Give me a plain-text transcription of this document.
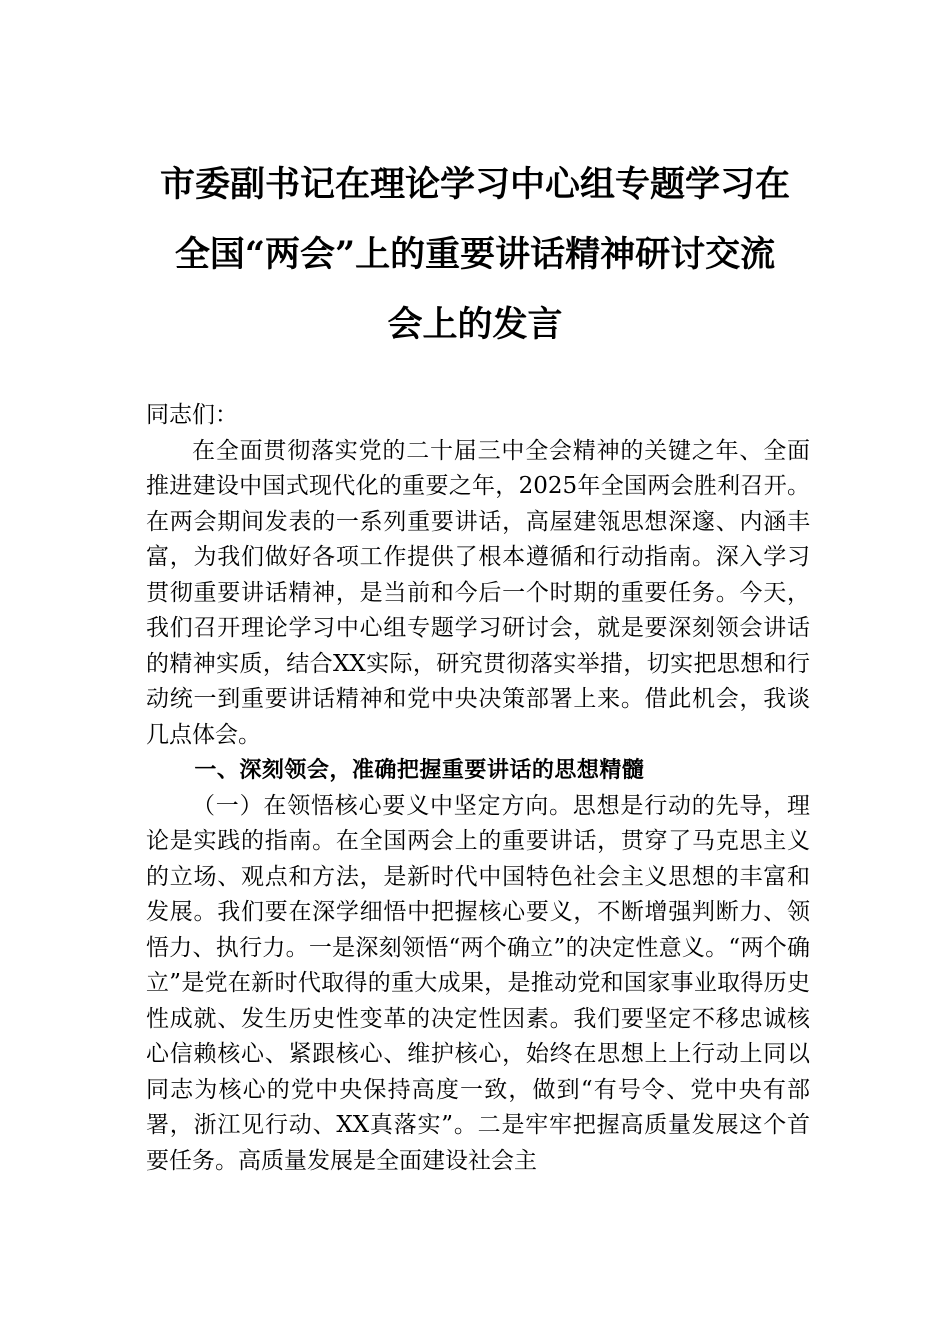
市委副书记在理论学习中心组专题学习在
全国“两会”上的重要讲话精神研讨交流
会上的发言

同志们：

在全面贯彻落实党的二十届三中全会精神的关键之年、全面推进建设中国式现代化的重要之年，2025年全国两会胜利召开。在两会期间发表的一系列重要讲话，高屋建瓴思想深邃、内涵丰富，为我们做好各项工作提供了根本遵循和行动指南。深入学习贯彻重要讲话精神，是当前和今后一个时期的重要任务。今天，我们召开理论学习中心组专题学习研讨会，就是要深刻领会讲话的精神实质，结合XX实际，研究贯彻落实举措，切实把思想和行动统一到重要讲话精神和党中央决策部署上来。借此机会，我谈几点体会。

一、深刻领会，准确把握重要讲话的思想精髓

（一）在领悟核心要义中坚定方向。思想是行动的先导，理论是实践的指南。在全国两会上的重要讲话，贯穿了马克思主义的立场、观点和方法，是新时代中国特色社会主义思想的丰富和发展。我们要在深学细悟中把握核心要义，不断增强判断力、领悟力、执行力。一是深刻领悟“两个确立”的决定性意义。“两个确立”是党在新时代取得的重大成果，是推动党和国家事业取得历史性成就、发生历史性变革的决定性因素。我们要坚定不移忠诚核心信赖核心、紧跟核心、维护核心，始终在思想上上行动上同以同志为核心的党中央保持高度一致，做到“有号令、党中央有部署，浙江见行动、XX真落实”。二是牢牢把握高质量发展这个首要任务。高质量发展是全面建设社会主
